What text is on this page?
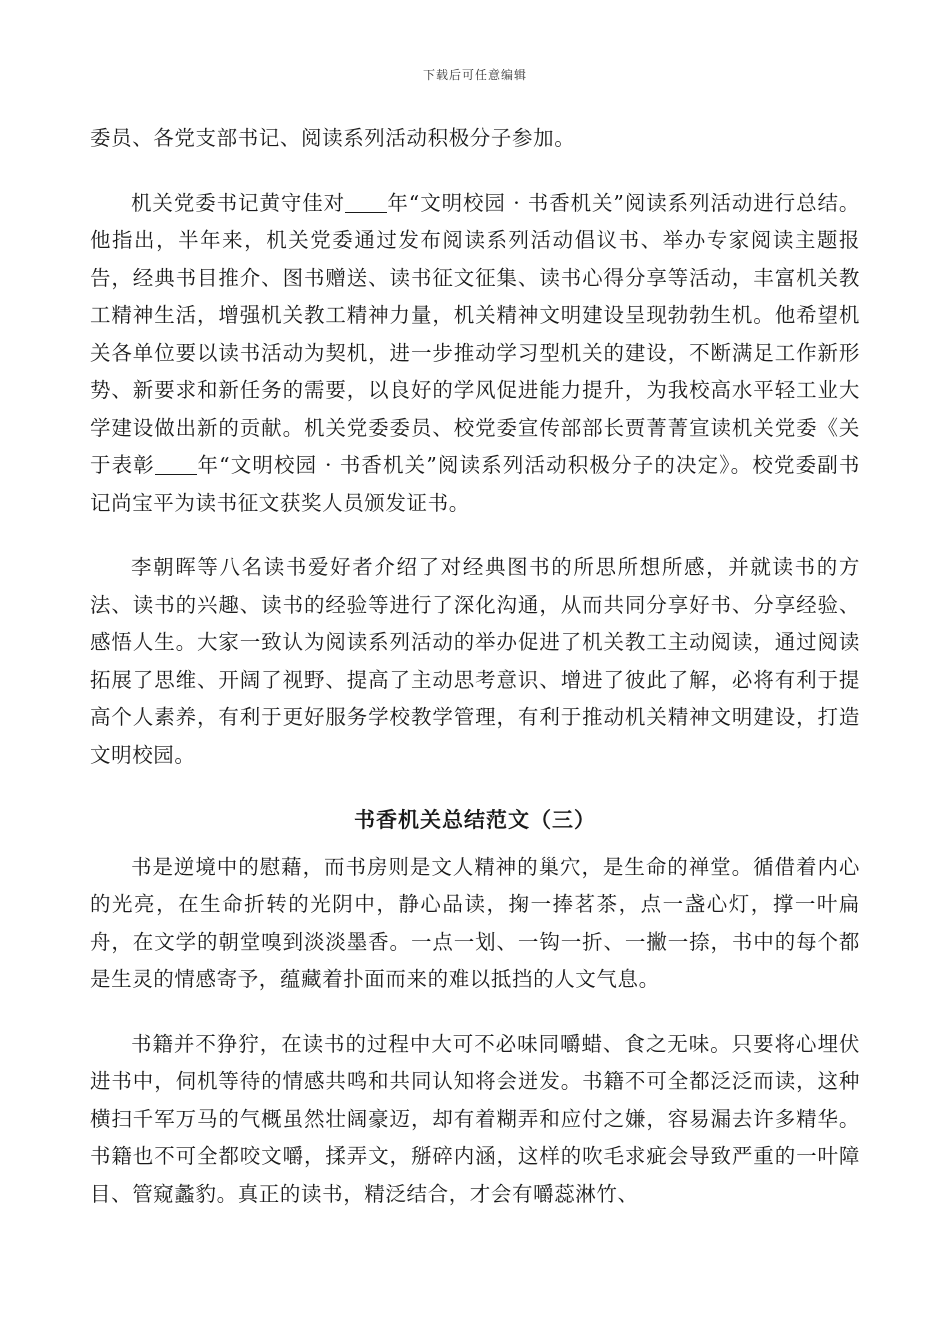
下载后可任意编辑

委员、各党支部书记、阅读系列活动积极分子参加。

机关党委书记黄守佳对 年“文明校园 · 书香机关”阅读系列活动进行总结。他指出，半年来，机关党委通过发布阅读系列活动倡议书、举办专家阅读主题报告，经典书目推介、图书赠送、读书征文征集、读书心得分享等活动，丰富机关教工精神生活，增强机关教工精神力量，机关精神文明建设呈现勃勃生机。他希望机关各单位要以读书活动为契机，进一步推动学习型机关的建设，不断满足工作新形势、新要求和新任务的需要，以良好的学风促进能力提升，为我校高水平轻工业大学建设做出新的贡献。机关党委委员、校党委宣传部部长贾菁菁宣读机关党委《关于表彰 年“文明校园 · 书香机关”阅读系列活动积极分子的决定》。校党委副书记尚宝平为读书征文获奖人员颁发证书。

李朝晖等八名读书爱好者介绍了对经典图书的所思所想所感，并就读书的方法、读书的兴趣、读书的经验等进行了深化沟通，从而共同分享好书、分享经验、感悟人生。大家一致认为阅读系列活动的举办促进了机关教工主动阅读，通过阅读拓展了思维、开阔了视野、提高了主动思考意识、增进了彼此了解，必将有利于提高个人素养，有利于更好服务学校教学管理，有利于推动机关精神文明建设，打造文明校园。

书香机关总结范文（三）

书是逆境中的慰藉，而书房则是文人精神的巢穴，是生命的禅堂。循借着内心的光亮，在生命折转的光阴中，静心品读，掬一捧茗茶，点一盏心灯，撑一叶扁舟，在文学的朝堂嗅到淡淡墨香。一点一划、一钩一折、一撇一捺，书中的每个都是生灵的情感寄予，蕴藏着扑面而来的难以抵挡的人文气息。

书籍并不狰狞，在读书的过程中大可不必味同嚼蜡、食之无味。只要将心埋伏进书中，伺机等待的情感共鸣和共同认知将会迸发。书籍不可全都泛泛而读，这种横扫千军万马的气概虽然壮阔豪迈，却有着糊弄和应付之嫌，容易漏去许多精华。书籍也不可全都咬文嚼，揉弄文，掰碎内涵，这样的吹毛求疵会导致严重的一叶障目、管窥蠡豹。真正的读书，精泛结合，才会有嚼蕊淋竹、
